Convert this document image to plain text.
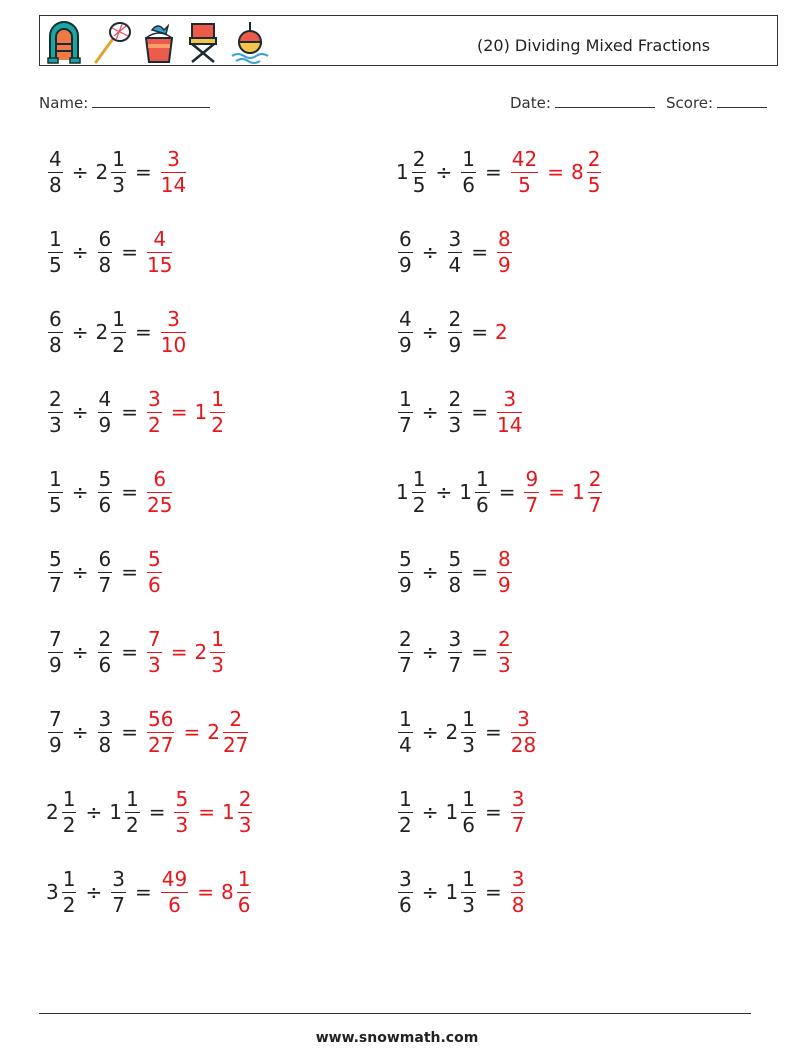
(20) Dividing Mixed Fractions
Name:	Date:	Score:
$\frac{4}{8} \div 2 \frac{1}{3} = \frac{3}{14}$	$1 \frac{2}{5} \div \frac{1}{6} = \frac{42}{5} = 8 \frac{2}{5}$
$\frac{1}{5} \div \frac{6}{8} = \frac{4}{15}$	$\frac{6}{9} \div \frac{3}{4} = \frac{8}{9}$
$\frac{6}{8} \div 2 \frac{1}{2} = \frac{3}{10}$	$\frac{4}{9} \div \frac{2}{9} = 2$
$\frac{2}{3} \div \frac{4}{9} = \frac{3}{2} = 1 \frac{1}{2}$	$\frac{1}{7} \div \frac{2}{3} = \frac{3}{14}$
$\frac{1}{5} \div \frac{5}{6} = \frac{6}{25}$	$1 \frac{1}{2} \div 1 \frac{1}{6} = \frac{9}{7} = 1 \frac{2}{7}$
$\frac{5}{7} \div \frac{6}{7} = \frac{5}{6}$	$\frac{5}{9} \div \frac{5}{8} = \frac{8}{9}$
$\frac{7}{9} \div \frac{2}{6} = \frac{7}{3} = 2 \frac{1}{3}$	$\frac{2}{7} \div \frac{3}{7} = \frac{2}{3}$
$\frac{7}{9} \div \frac{3}{8} = \frac{56}{27} = 2 \frac{2}{27}$	$\frac{1}{4} \div 2 \frac{1}{3} = \frac{3}{28}$
$2 \frac{1}{2} \div 1 \frac{1}{2} = \frac{5}{3} = 1 \frac{2}{3}$	$\frac{1}{2} \div 1 \frac{1}{6} = \frac{3}{7}$
$3 \frac{1}{2} \div \frac{3}{7} = \frac{49}{6} = 8 \frac{1}{6}$	$\frac{3}{6} \div 1 \frac{1}{3} = \frac{3}{8}$
www.snowmath.com
